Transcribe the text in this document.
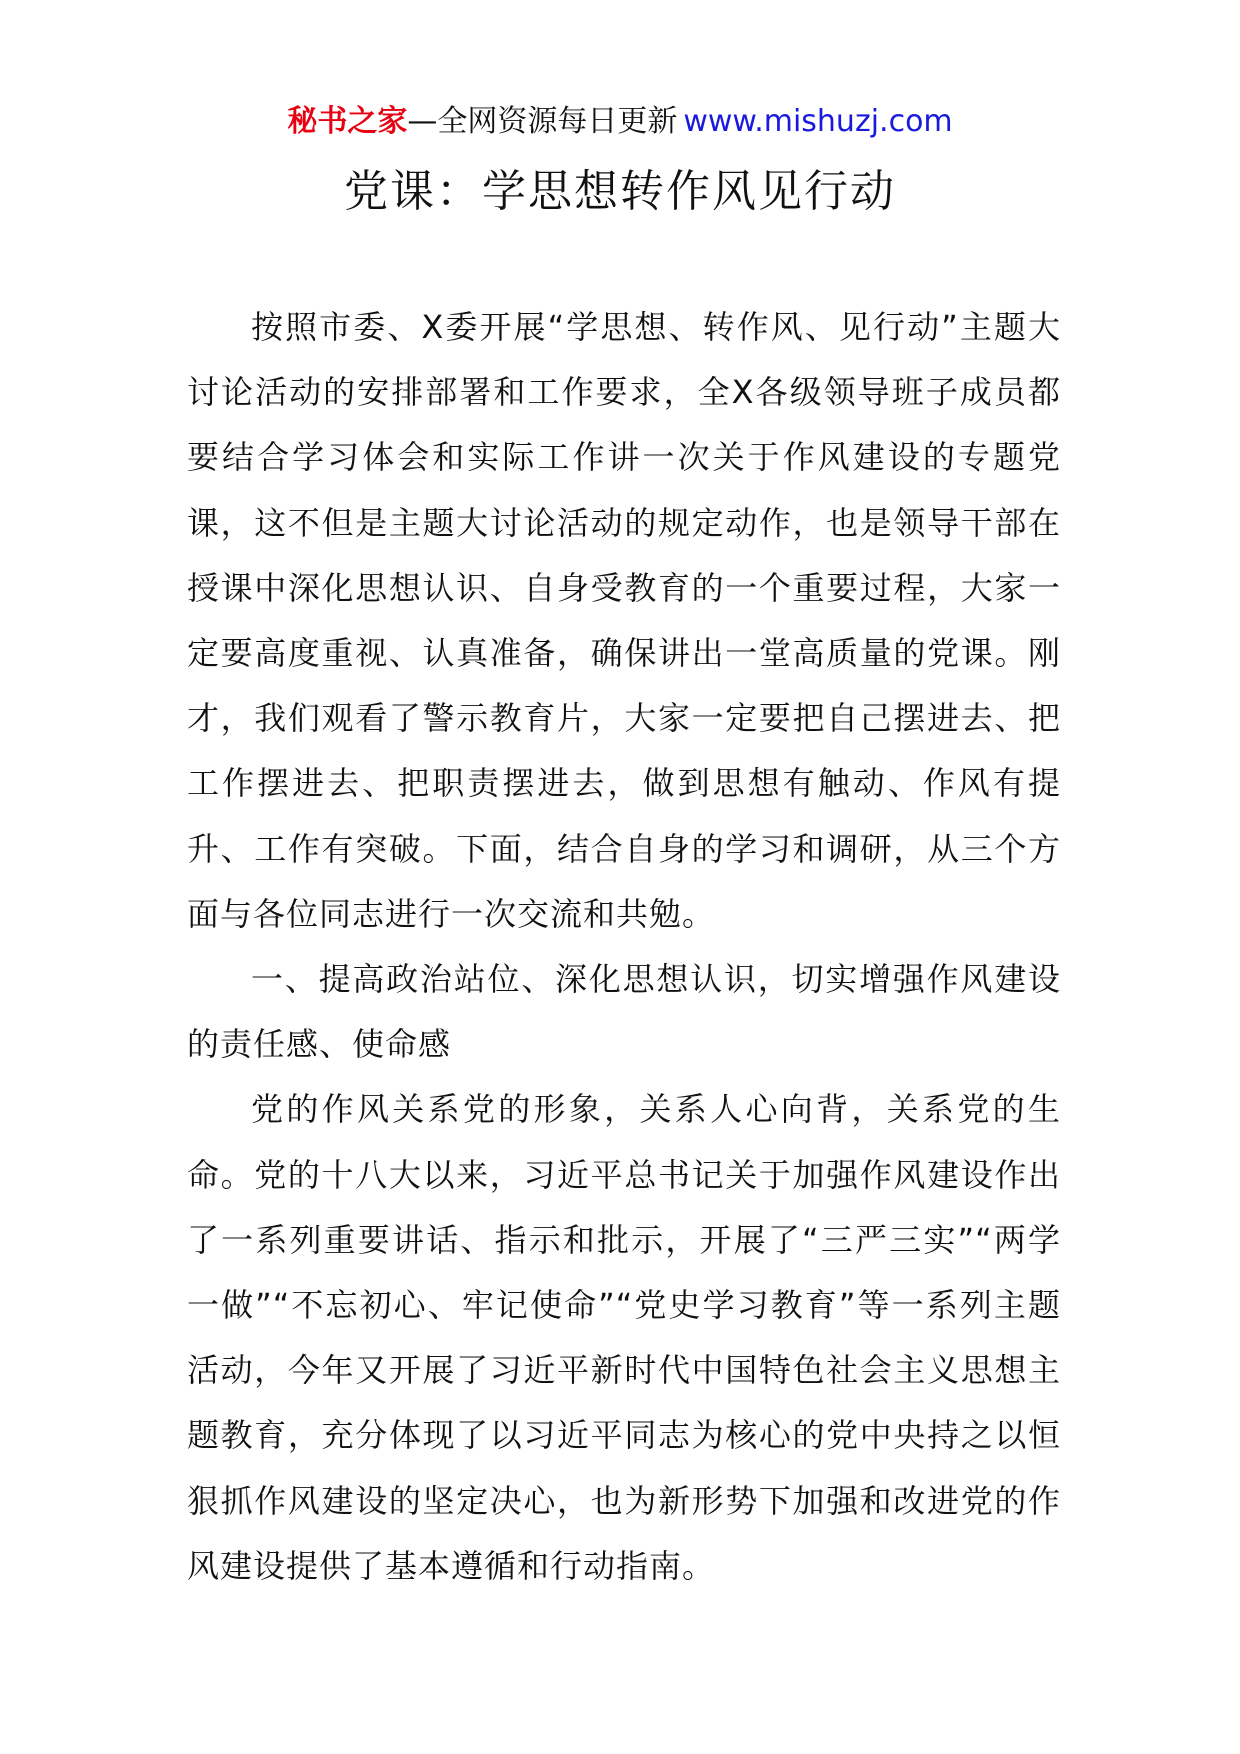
秘书之家—全网资源每日更新 www.mishuzj.com
党课：学思想转作风见行动

按照市委、X委开展“学思想、转作风、见行动”主题大讨论活动的安排部署和工作要求，全X各级领导班子成员都要结合学习体会和实际工作讲一次关于作风建设的专题党课，这不但是主题大讨论活动的规定动作，也是领导干部在授课中深化思想认识、自身受教育的一个重要过程，大家一定要高度重视、认真准备，确保讲出一堂高质量的党课。刚才，我们观看了警示教育片，大家一定要把自己摆进去、把工作摆进去、把职责摆进去，做到思想有触动、作风有提升、工作有突破。下面，结合自身的学习和调研，从三个方面与各位同志进行一次交流和共勉。

一、提高政治站位、深化思想认识，切实增强作风建设的责任感、使命感

党的作风关系党的形象，关系人心向背，关系党的生命。党的十八大以来，习近平总书记关于加强作风建设作出了一系列重要讲话、指示和批示，开展了“三严三实”“两学一做”“不忘初心、牢记使命”“党史学习教育”等一系列主题活动，今年又开展了习近平新时代中国特色社会主义思想主题教育，充分体现了以习近平同志为核心的党中央持之以恒狠抓作风建设的坚定决心，也为新形势下加强和改进党的作风建设提供了基本遵循和行动指南。
